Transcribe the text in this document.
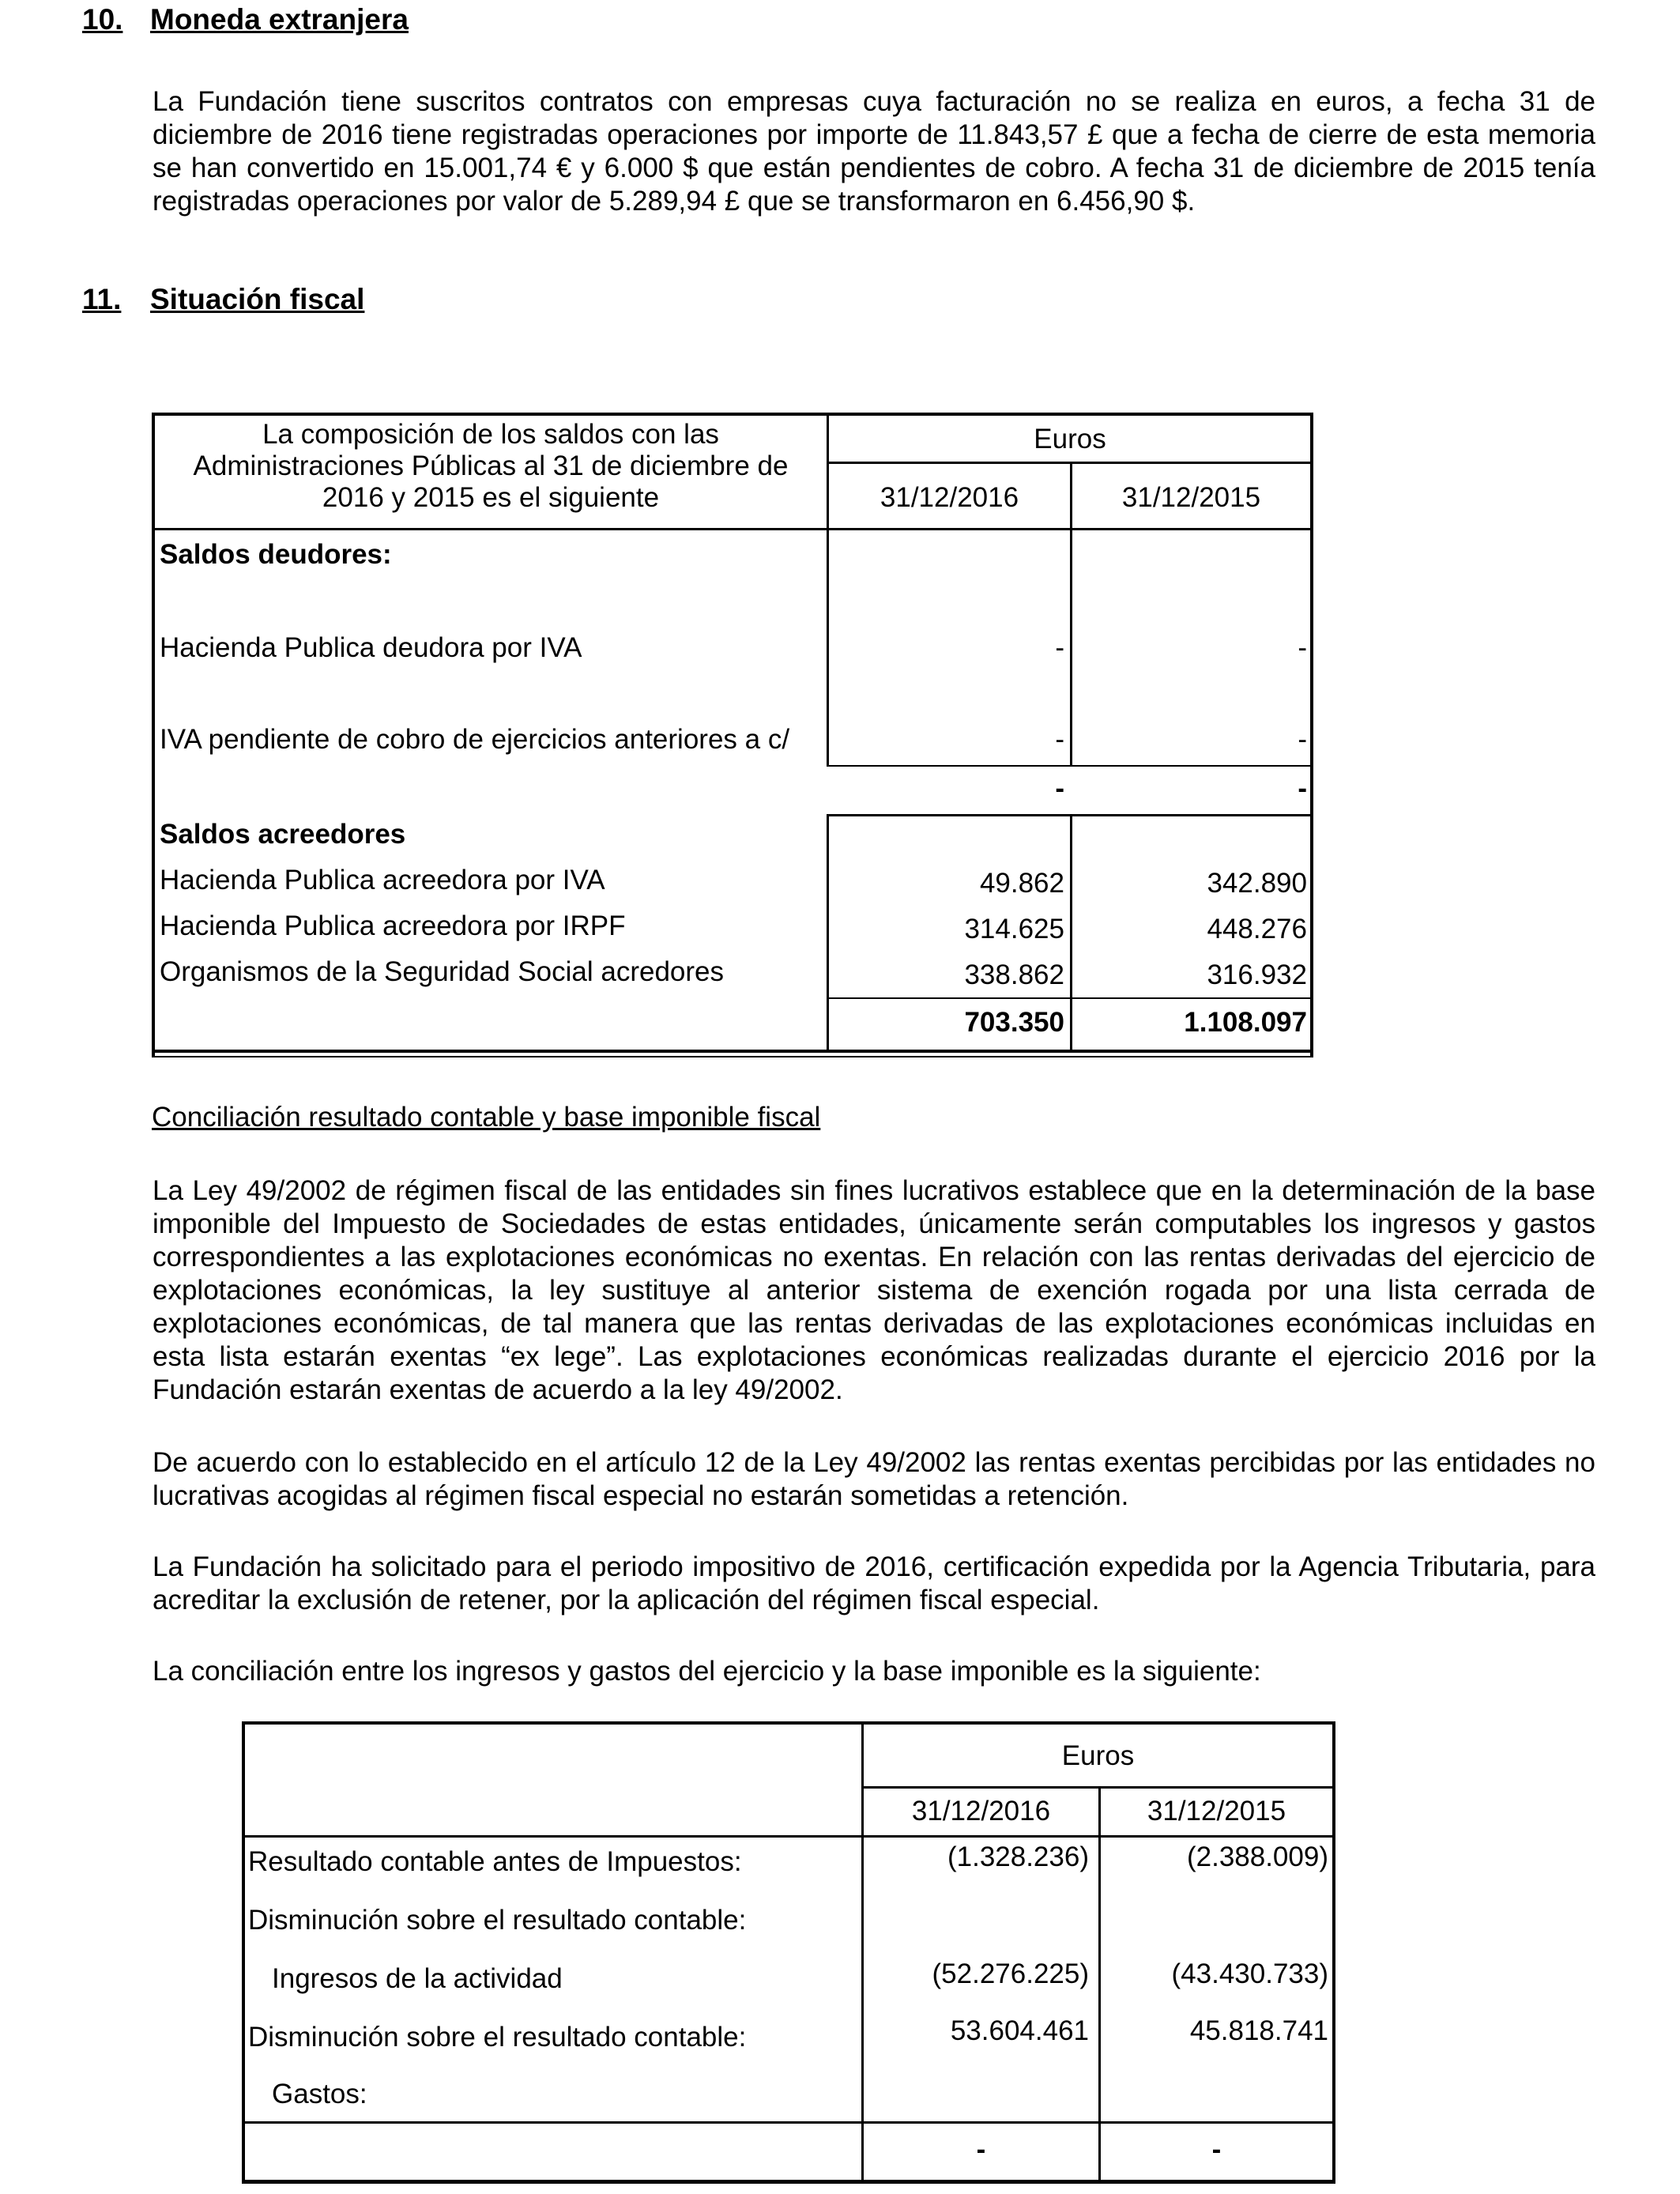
10. Moneda extranjera
La Fundación tiene suscritos contratos con empresas cuya facturación no se realiza en euros, a fecha 31 de diciembre de 2016 tiene registradas operaciones por importe de 11.843,57 £ que a fecha de cierre de esta memoria se han convertido en 15.001,74 € y 6.000 $ que están pendientes de cobro. A fecha 31 de diciembre de 2015 tenía registradas operaciones por valor de 5.289,94 £ que se transformaron en 6.456,90 $.
11. Situación fiscal
La composición de los saldos con las
Administraciones Públicas al 31 de diciembre de
2016 y 2015 es el siguiente
Euros
31/12/2016	31/12/2015
Saldos deudores:
Hacienda Publica deudora por IVA	-	-
IVA pendiente de cobro de ejercicios anteriores a c/	-	-
-	-
Saldos acreedores
Hacienda Publica acreedora por IVA	49.862	342.890
Hacienda Publica acreedora por IRPF	314.625	448.276
Organismos de la Seguridad Social acredores	338.862	316.932
703.350	1.108.097
Conciliación resultado contable y base imponible fiscal
La Ley 49/2002 de régimen fiscal de las entidades sin fines lucrativos establece que en la determinación de la base imponible del Impuesto de Sociedades de estas entidades, únicamente serán computables los ingresos y gastos correspondientes a las explotaciones económicas no exentas. En relación con las rentas derivadas del ejercicio de explotaciones económicas, la ley sustituye al anterior sistema de exención rogada por una lista cerrada de explotaciones económicas, de tal manera que las rentas derivadas de las explotaciones económicas incluidas en esta lista estarán exentas “ex lege”. Las explotaciones económicas realizadas durante el ejercicio 2016 por la Fundación estarán exentas de acuerdo a la ley 49/2002.
De acuerdo con lo establecido en el artículo 12 de la Ley 49/2002 las rentas exentas percibidas por las entidades no lucrativas acogidas al régimen fiscal especial no estarán sometidas a retención.
La Fundación ha solicitado para el periodo impositivo de 2016, certificación expedida por la Agencia Tributaria, para acreditar la exclusión de retener, por la aplicación del régimen fiscal especial.
La conciliación entre los ingresos y gastos del ejercicio y la base imponible es la siguiente:
Euros
31/12/2016	31/12/2015
Resultado contable antes de Impuestos:	(1.328.236)	(2.388.009)
Disminución sobre el resultado contable:
Ingresos de la actividad	(52.276.225)	(43.430.733)
Disminución sobre el resultado contable:	53.604.461	45.818.741
Gastos:
-	-
